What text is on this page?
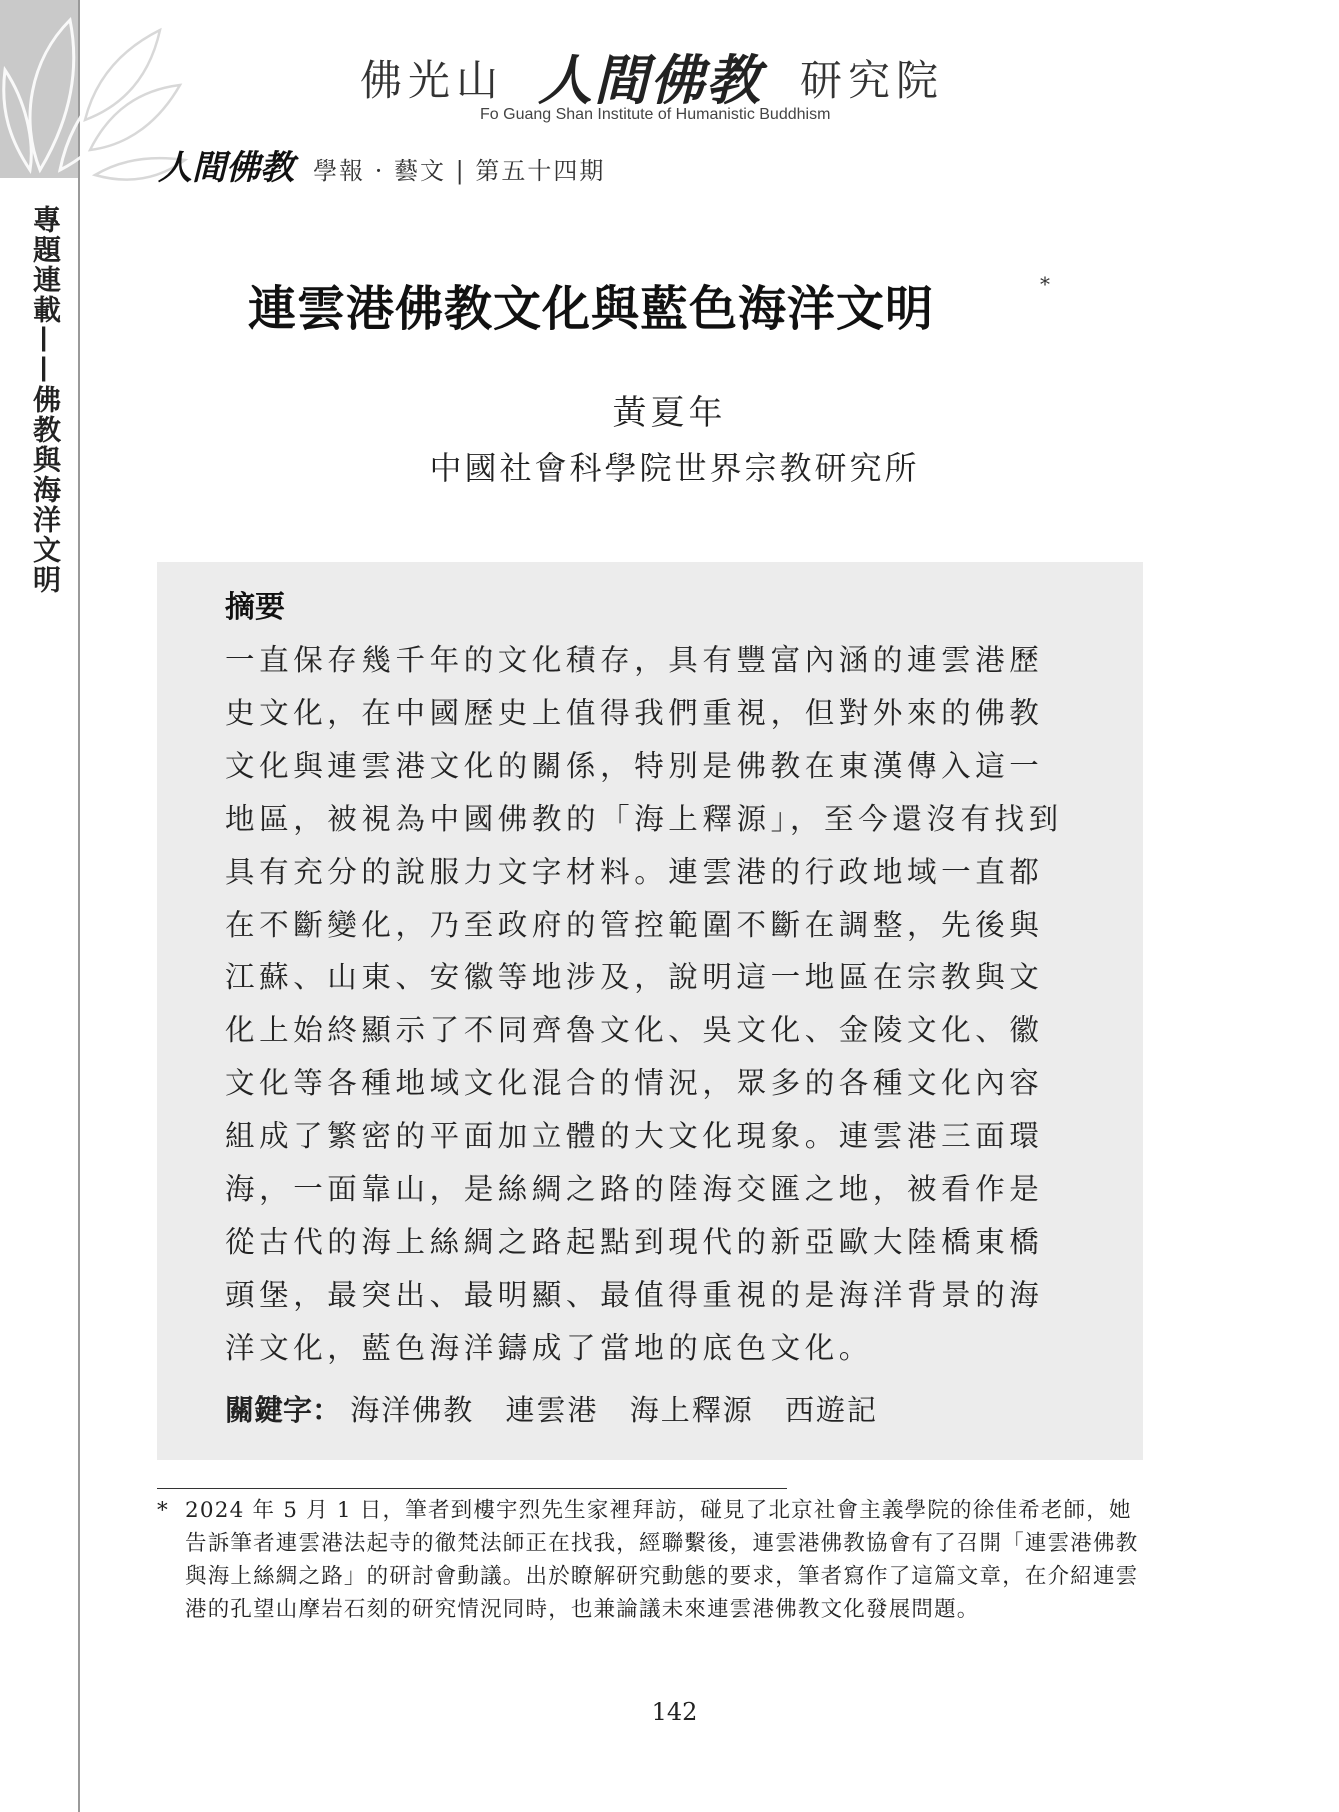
專題連載——佛教與海洋文明
佛光山 人間佛教 研究院
Fo Guang Shan Institute of Humanistic Buddhism
人間佛教 學報 · 藝文 | 第五十四期
連雲港佛教文化與藍色海洋文明	*
黃夏年
中國社會科學院世界宗教研究所
摘要
一直保存幾千年的文化積存，具有豐富內涵的連雲港歷史文化，在中國歷史上值得我們重視，但對外來的佛教文化與連雲港文化的關係，特別是佛教在東漢傳入這一地區，被視為中國佛教的「海上釋源」，至今還沒有找到具有充分的說服力文字材料。連雲港的行政地域一直都在不斷變化，乃至政府的管控範圍不斷在調整，先後與江蘇、山東、安徽等地涉及，說明這一地區在宗教與文化上始終顯示了不同齊魯文化、吳文化、金陵文化、徽文化等各種地域文化混合的情況，眾多的各種文化內容組成了繁密的平面加立體的大文化現象。連雲港三面環海，一面靠山，是絲綢之路的陸海交匯之地，被看作是從古代的海上絲綢之路起點到現代的新亞歐大陸橋東橋頭堡，最突出、最明顯、最值得重視的是海洋背景的海洋文化，藍色海洋鑄成了當地的底色文化。
關鍵字： 海洋佛教 連雲港 海上釋源 西遊記
* 2024 年 5 月 1 日，筆者到樓宇烈先生家裡拜訪，碰見了北京社會主義學院的徐佳希老師，她告訴筆者連雲港法起寺的徹梵法師正在找我，經聯繫後，連雲港佛教協會有了召開「連雲港佛教與海上絲綢之路」的研討會動議。出於瞭解研究動態的要求，筆者寫作了這篇文章，在介紹連雲港的孔望山摩岩石刻的研究情況同時，也兼論議未來連雲港佛教文化發展問題。
142
